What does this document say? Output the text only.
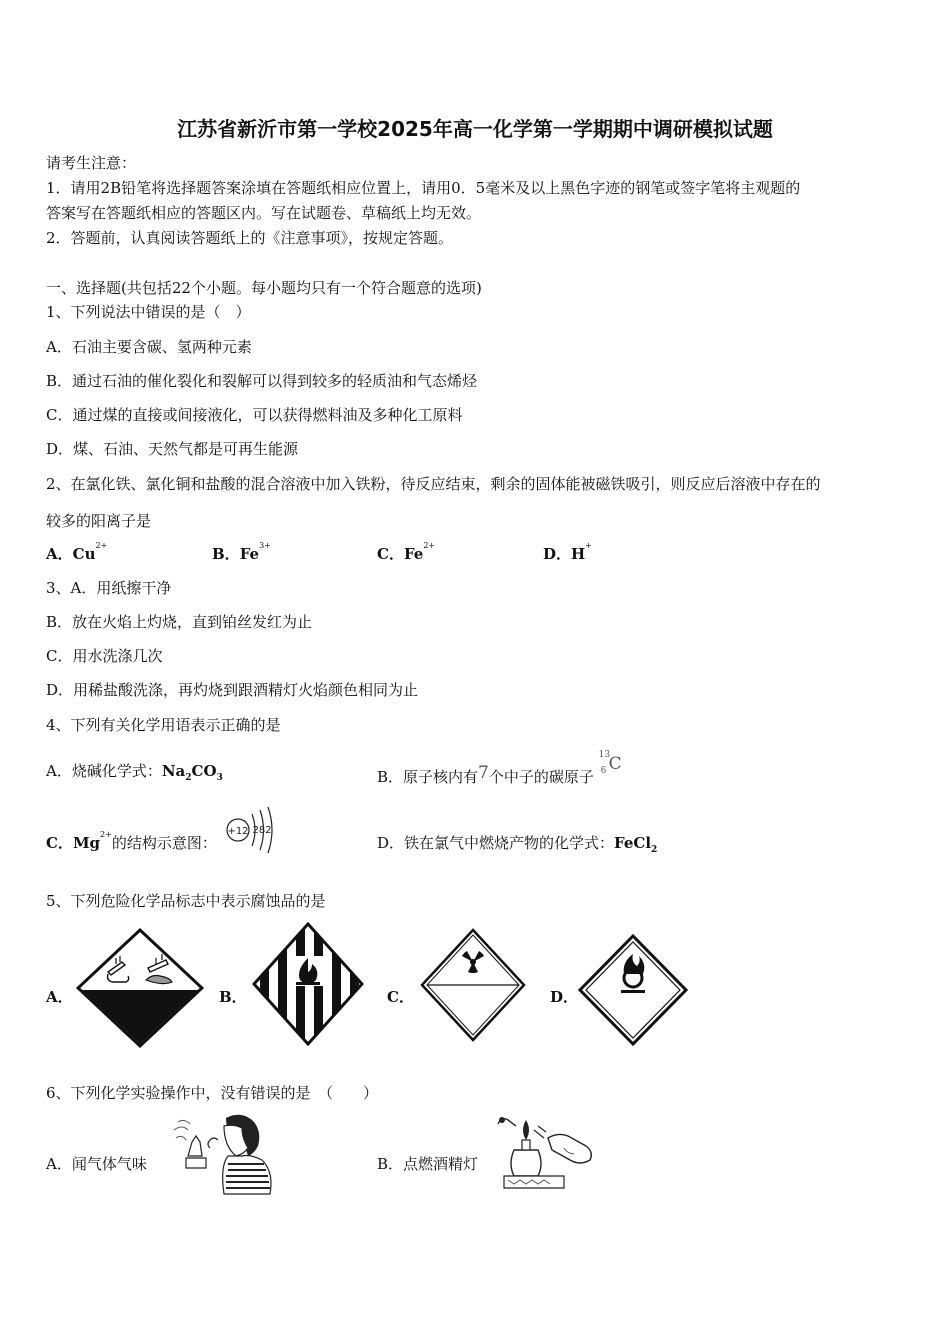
江苏省新沂市第一学校2025年高一化学第一学期期中调研模拟试题
请考生注意：
1．请用2B铅笔将选择题答案涂填在答题纸相应位置上，请用0．5毫米及以上黑色字迹的钢笔或签字笔将主观题的
答案写在答题纸相应的答题区内。写在试题卷、草稿纸上均无效。
2．答题前，认真阅读答题纸上的《注意事项》，按规定答题。
一、选择题(共包括22个小题。每小题均只有一个符合题意的选项)
1、下列说法中错误的是（　）
A．石油主要含碳、氢两种元素
B．通过石油的催化裂化和裂解可以得到较多的轻质油和气态烯烃
C．通过煤的直接或间接液化，可以获得燃料油及多种化工原料
D．煤、石油、天然气都是可再生能源
2、在氯化铁、氯化铜和盐酸的混合溶液中加入铁粉，待反应结束，剩余的固体能被磁铁吸引，则反应后溶液中存在的
较多的阳离子是
A．$Cu^{2+}$	B．$Fe^{3+}$	C．$Fe^{2+}$	D．H+
3、A．用纸擦干净
B．放在火焰上灼烧，直到铂丝发红为止
C．用水洗涤几次
D．用稀盐酸洗涤，再灼烧到跟酒精灯火焰颜色相同为止
4、下列有关化学用语表示正确的是
A．烧碱化学式：$Na_2CO_3$	B．原子核内有7个中子的碳原子
13
6 C
C．$Mg^{2+}$的结构示意图：
+12 282
D．铁在氯气中燃烧产物的化学式：FeCl$_2$
5、下列危险化学品标志中表示腐蚀品的是
A．	B．	C．	D．
6、下列化学实验操作中，没有错误的是　（　　）
A．闻气体气味	B．点燃酒精灯
